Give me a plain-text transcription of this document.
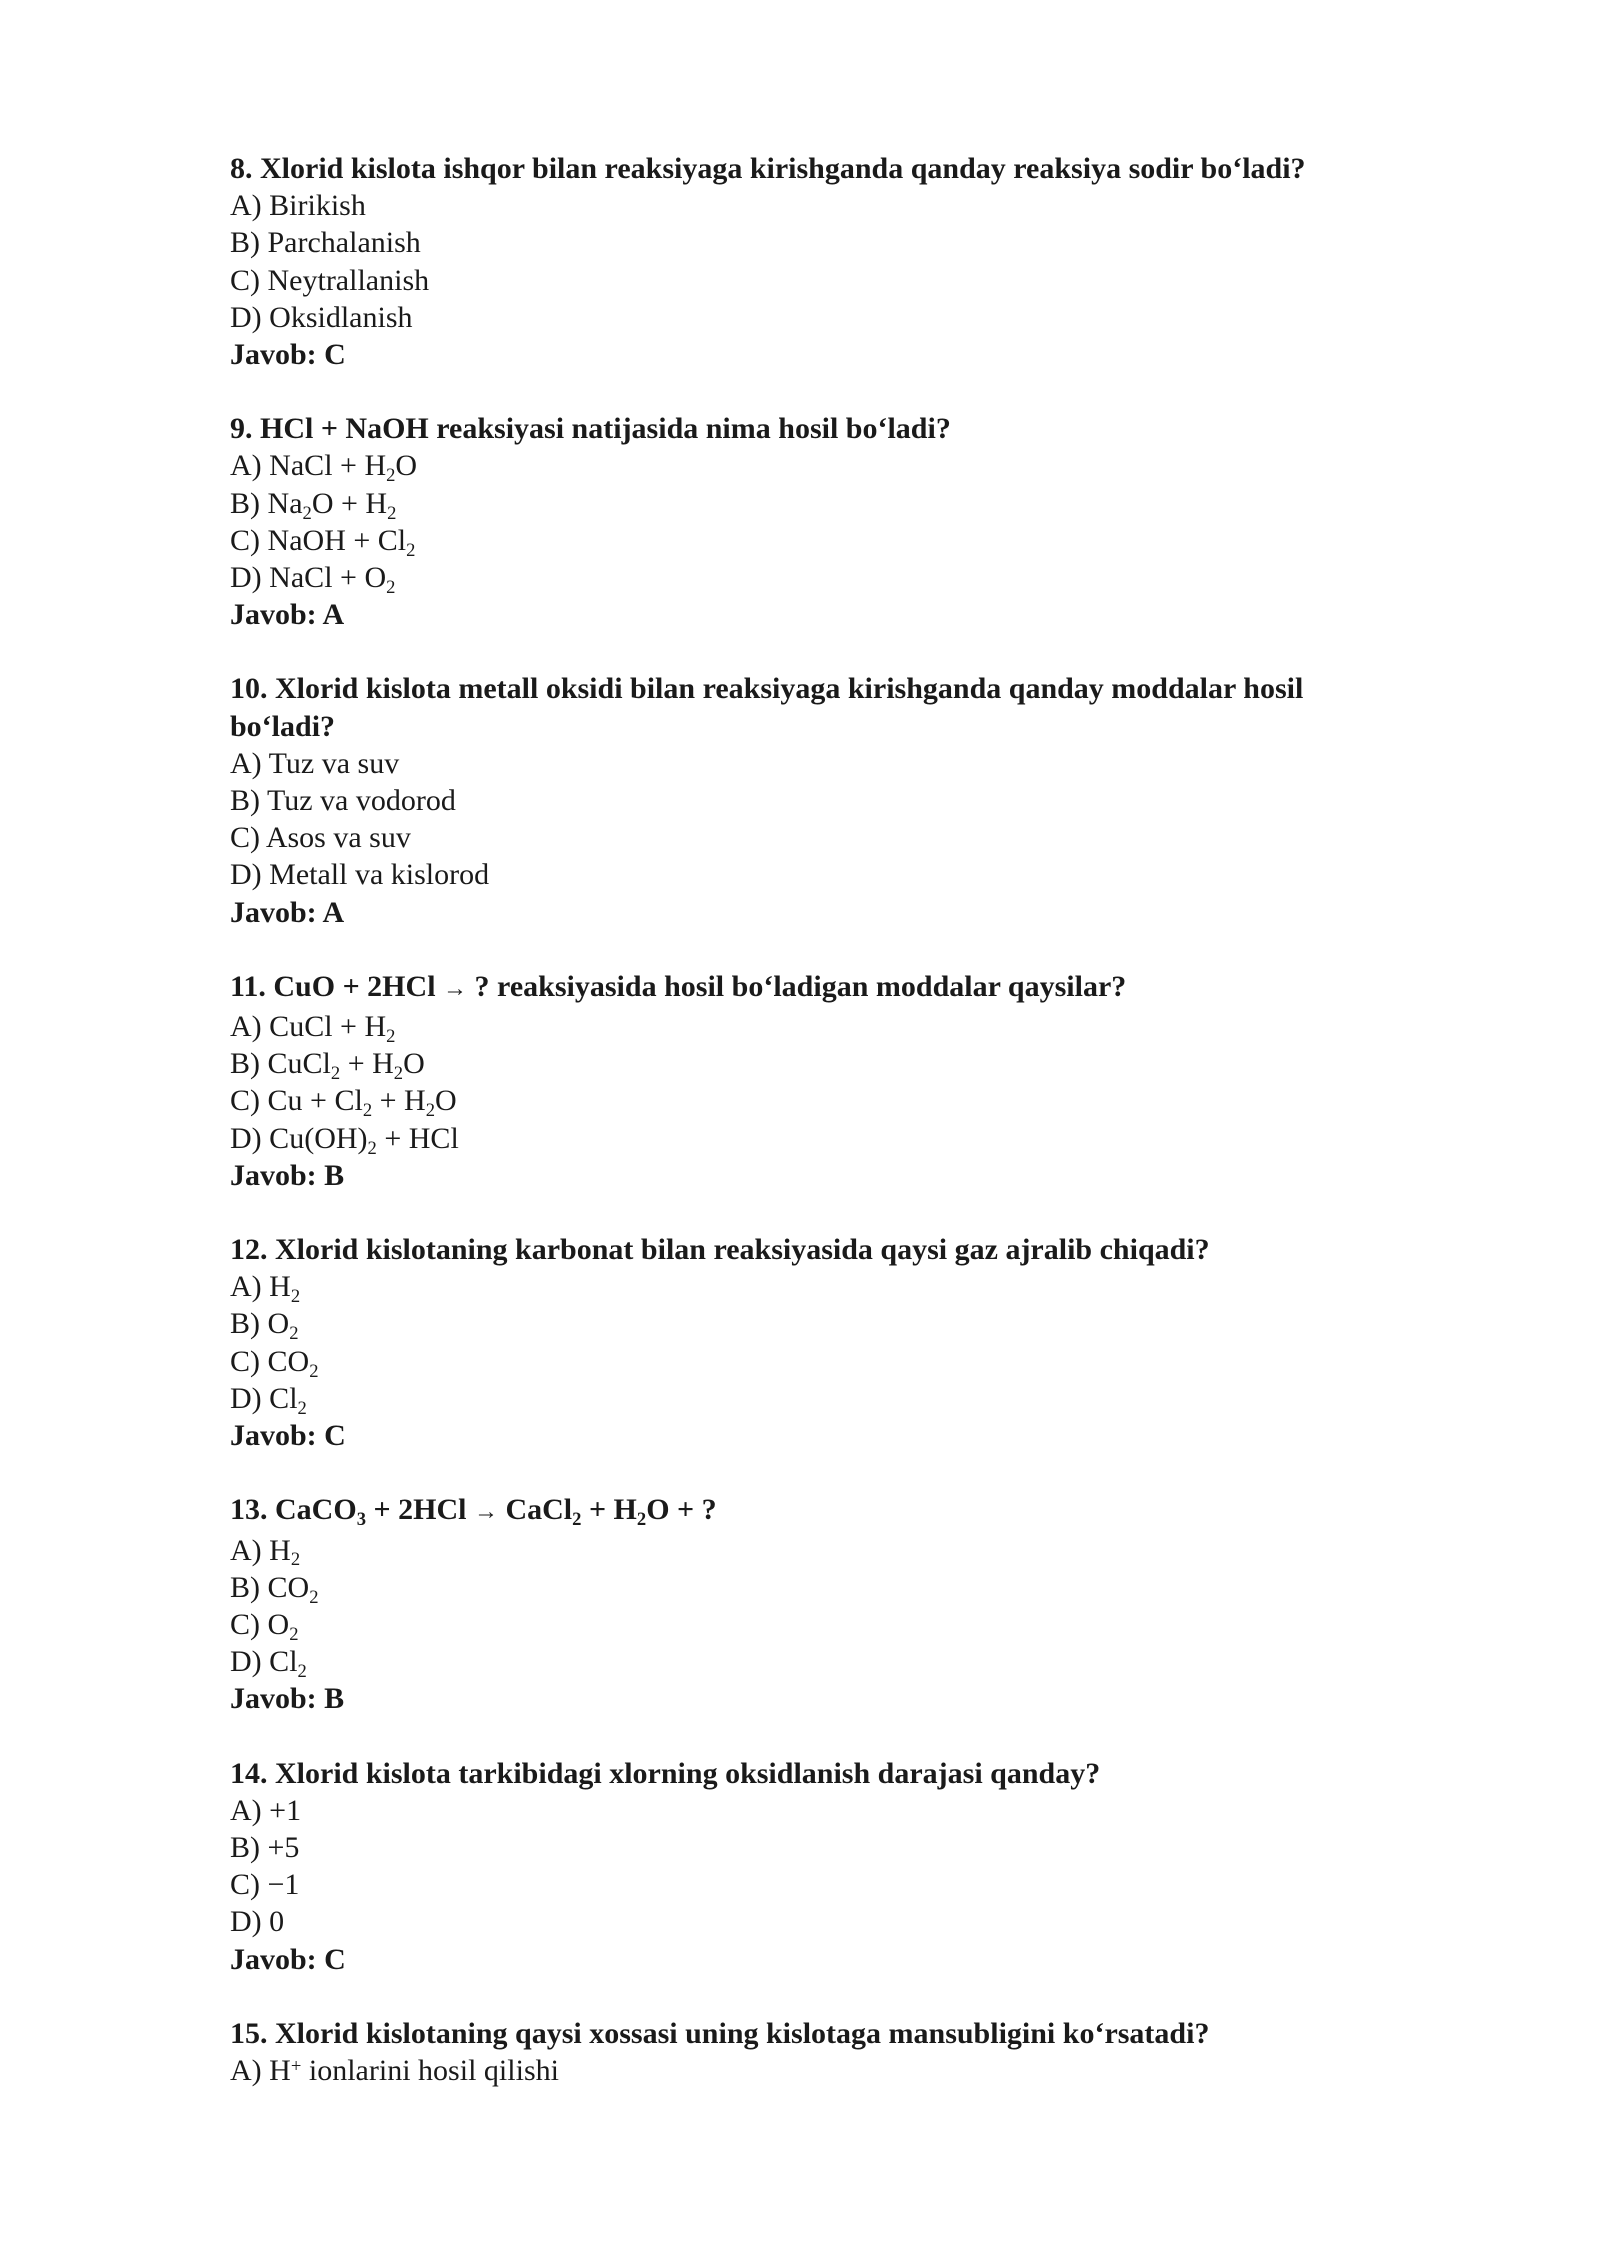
8. Xlorid kislota ishqor bilan reaksiyaga kirishganda qanday reaksiya sodir bo‘ladi?

A) Birikish

B) Parchalanish

C) Neytrallanish

D) Oksidlanish

Javob: C

9. HCl + NaOH reaksiyasi natijasida nima hosil bo‘ladi?

A) NaCl + $H_2O$

B) $Na_2O + H_2$

C) NaOH + $Cl_2$

D) NaCl + $O_2$

Javob: A

10. Xlorid kislota metall oksidi bilan reaksiyaga kirishganda qanday moddalar hosil bo‘ladi?

A) Tuz va suv

B) Tuz va vodorod

C) Asos va suv

D) Metall va kislorod

Javob: A

11. CuO + 2HCl → ? reaksiyasida hosil bo‘ladigan moddalar qaysilar?

A) CuCl + $H_2$

B) CuCl$_2$ + $H_2O$

C) $Cu + Cl_2 + H_2O$

D) $Cu(OH)_2$ + HCl

Javob: B

12. Xlorid kislotaning karbonat bilan reaksiyasida qaysi gaz ajralib chiqadi?

A) $H_2$

B) $O_2$

C) $CO_2$

D) $Cl_2$

Javob: C

13. CaCO$_3$ + 2HCl → CaCl$_2$ + $H_2O$ + ?

A) $H_2$

B) $CO_2$

C) $O_2$

D) $Cl_2$

Javob: B

14. Xlorid kislota tarkibidagi xlorning oksidlanish darajasi qanday?

A) +1

B) +5

C) −1

D) 0

Javob: C

15. Xlorid kislotaning qaysi xossasi uning kislotaga mansubligini ko‘rsatadi?

A) H+ ionlarini hosil qilishi
